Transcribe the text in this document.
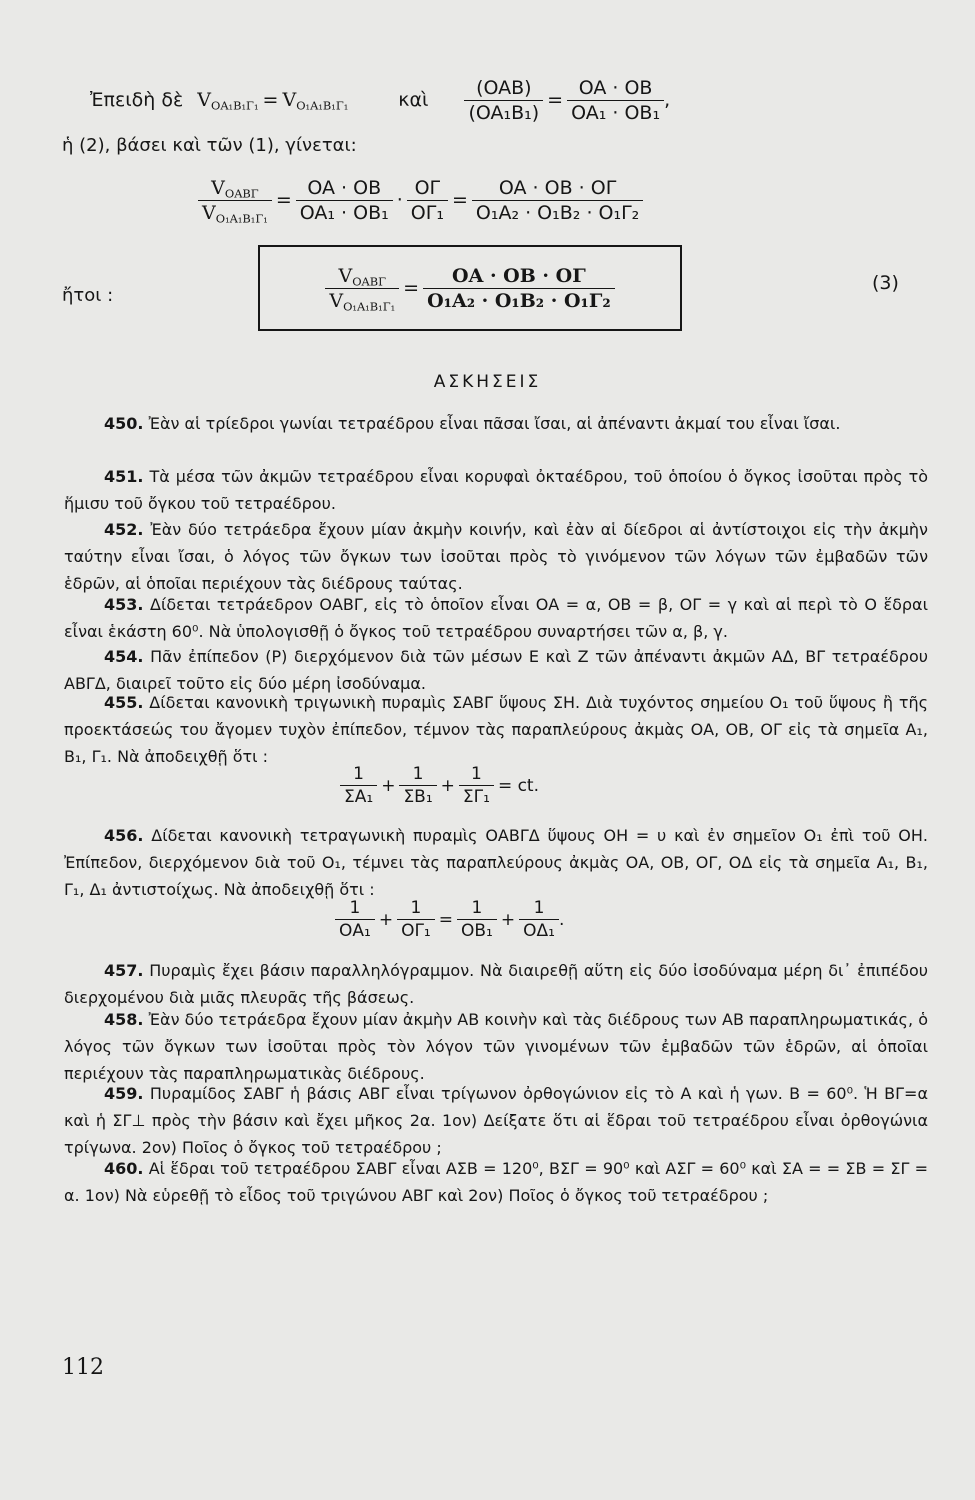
Ἐπειδὴ δὲ $V_{OA_1B_1\Gamma_1} = V_{O_1A_1B_1\Gamma_1}$	καὶ $\frac{\text{(OAB)}}{\text{(OA₁B₁)}} = \frac{OA \cdot OB}{\text{OA₁ · OB₁}}$ ,
ἡ (2), βάσει καὶ τῶν (1), γίνεται:
$\frac{V_{OAB\Gamma}}{V_{O_1A_1B_1\Gamma_1}} = \frac{OA \cdot OB}{\text{OA₁ · OB₁}} \cdot \frac{O\Gamma}{\text{OΓ₁}} = \frac{OA \cdot OB \cdot O\Gamma}{\text{O₁A₂ · O₁B₂ · O₁Γ₂}}$
ἤτοι :	$\frac{V_{OAB\Gamma}}{V_{O_1A_1B_1\Gamma_1}} = \frac{OA \cdot OB \cdot O\Gamma}{\text{O₁A₂ · O₁B₂ · O₁Γ₂}}$	(3)
ΑΣΚΗΣΕΙΣ
450. Ἐὰν αἱ τρίεδροι γωνίαι τετραέδρου εἶναι πᾶσαι ἴσαι, αἱ ἀπέναντι ἀκμαί του εἶναι ἴσαι.
451. Τὰ μέσα τῶν ἀκμῶν τετραέδρου εἶναι κορυφαὶ ὀκταέδρου, τοῦ ὁποίου ὁ ὄγκος ἰσοῦται πρὸς τὸ ἥμισυ τοῦ ὄγκου τοῦ τετραέδρου.
452. Ἐὰν δύο τετράεδρα ἔχουν μίαν ἀκμὴν κοινήν, καὶ ἐὰν αἱ δίεδροι αἱ ἀντίστοιχοι εἰς τὴν ἀκμὴν ταύτην εἶναι ἴσαι, ὁ λόγος τῶν ὄγκων των ἰσοῦται πρὸς τὸ γινόμενον τῶν λόγων τῶν ἐμβαδῶν τῶν ἑδρῶν, αἱ ὁποῖαι περιέχουν τὰς διέδρους ταύτας.
453. Δίδεται τετράεδρον ΟΑΒΓ, εἰς τὸ ὁποῖον εἶναι ΟΑ = α, ΟΒ = β, ΟΓ = γ καὶ αἱ περὶ τὸ Ο ἕδραι εἶναι ἑκάστη 60⁰. Νὰ ὑπολογισθῇ ὁ ὄγκος τοῦ τετραέδρου συναρτήσει τῶν α, β, γ.
454. Πᾶν ἐπίπεδον (Ρ) διερχόμενον διὰ τῶν μέσων Ε καὶ Ζ τῶν ἀπέναντι ἀκμῶν ΑΔ, ΒΓ τετραέδρου ΑΒΓΔ, διαιρεῖ τοῦτο εἰς δύο μέρη ἰσοδύναμα.
455. Δίδεται κανονικὴ τριγωνικὴ πυραμὶς ΣΑΒΓ ὕψους ΣΗ. Διὰ τυχόντος σημείου Ο₁ τοῦ ὕψους ἢ τῆς προεκτάσεώς του ἄγομεν τυχὸν ἐπίπεδον, τέμνον τὰς παραπλεύρους ἀκμὰς ΟΑ, ΟΒ, ΟΓ εἰς τὰ σημεῖα Α₁, Β₁, Γ₁. Νὰ ἀποδειχθῇ ὅτι :
$\frac{1}{\text{ΣΑ₁}} + \frac{1}{\text{ΣΒ₁}} + \frac{1}{\text{ΣΓ₁}}$ = ct.
456. Δίδεται κανονικὴ τετραγωνικὴ πυραμὶς ΟΑΒΓΔ ὕψους ΟΗ = υ καὶ ἐν σημεῖον Ο₁ ἐπὶ τοῦ ΟΗ. Ἐπίπεδον, διερχόμενον διὰ τοῦ Ο₁, τέμνει τὰς παραπλεύρους ἀκμὰς ΟΑ, ΟΒ, ΟΓ, ΟΔ εἰς τὰ σημεῖα Α₁, Β₁, Γ₁, Δ₁ ἀντιστοίχως. Νὰ ἀποδειχθῇ ὅτι :
$\frac{1}{\text{ΟΑ₁}} + \frac{1}{\text{ΟΓ₁}} = \frac{1}{\text{ΟΒ₁}} + \frac{1}{\text{ΟΔ₁}}$ .
457. Πυραμὶς ἔχει βάσιν παραλληλόγραμμον. Νὰ διαιρεθῇ αὕτη εἰς δύο ἰσοδύναμα μέρη δι᾽ ἐπιπέδου διερχομένου διὰ μιᾶς πλευρᾶς τῆς βάσεως.
458. Ἐὰν δύο τετράεδρα ἔχουν μίαν ἀκμὴν ΑΒ κοινὴν καὶ τὰς διέδρους των ΑΒ παραπληρωματικάς, ὁ λόγος τῶν ὄγκων των ἰσοῦται πρὸς τὸν λόγον τῶν γινομένων τῶν ἐμβαδῶν τῶν ἑδρῶν, αἱ ὁποῖαι περιέχουν τὰς παραπληρωματικὰς διέδρους.
459. Πυραμίδος ΣΑΒΓ ἡ βάσις ΑΒΓ εἶναι τρίγωνον ὀρθογώνιον εἰς τὸ Α καὶ ἡ γων. Β = 60⁰. Ἡ ΒΓ=α καὶ ἡ ΣΓ⊥ πρὸς τὴν βάσιν καὶ ἔχει μῆκος 2α. 1ον) Δείξατε ὅτι αἱ ἕδραι τοῦ τετραέδρου εἶναι ὀρθογώνια τρίγωνα. 2ον) Ποῖος ὁ ὄγκος τοῦ τετραέδρου ;
460. Αἱ ἕδραι τοῦ τετραέδρου ΣΑΒΓ εἶναι ΑΣΒ = 120⁰, ΒΣΓ = 90⁰ καὶ ΑΣΓ = 60⁰ καὶ ΣΑ = = ΣΒ = ΣΓ = α. 1ον) Νὰ εὑρεθῇ τὸ εἶδος τοῦ τριγώνου ΑΒΓ καὶ 2ον) Ποῖος ὁ ὄγκος τοῦ τετραέδρου ;
112
